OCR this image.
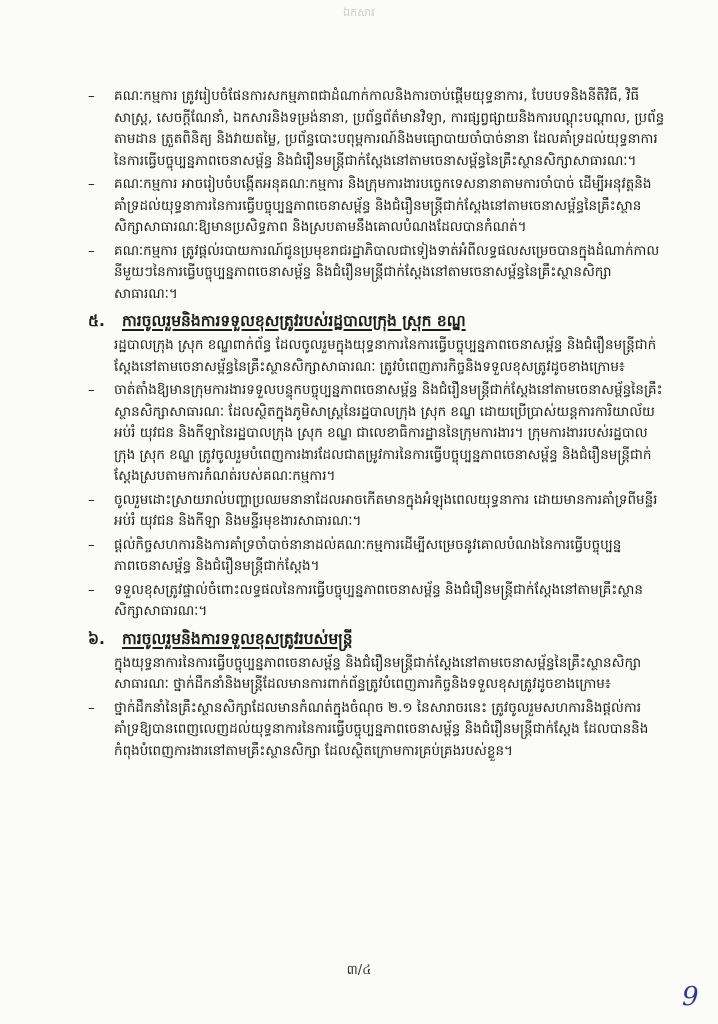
ឯកសារ
–	គណៈកម្មការ ត្រូវរៀបចំផែនការសកម្មភាពជាដំណាក់កាលនិងការចាប់ផ្តើមយុទ្ធនាការ, បែបបទនិងនីតិវិធី, វិធីសាស្ត្រ, សេចក្តីណែនាំ, ឯកសារនិងទម្រង់នានា, ប្រព័ន្ធព័ត៌មានវិទ្យា, ការផ្សព្វផ្សាយនិងការបណ្តុះបណ្តាល, ប្រព័ន្ធតាមដាន ត្រួតពិនិត្យ និងវាយតម្លៃ, ប្រព័ន្ធបោះបពុម្ពការណ៍និងមធ្យោបាយចាំបាច់នានា ដែលគាំទ្រដល់យុទ្ធនាការនៃការធ្វើបច្ចុប្បន្នភាពចេនាសម្ព័ន្ធ និងជំរឿនមន្ត្រីជាក់ស្តែងនៅតាមចេនាសម្ព័ន្ធនៃគ្រឹះស្ថានសិក្សាសាធារណៈ។
–	គណៈកម្មការ អាចរៀបចំបង្កើតអនុគណៈកម្មការ និងក្រុមការងារបច្ចេកទេសនានាតាមការចាំបាច់ ដើម្បីអនុវត្តនិងគាំទ្រដល់យុទ្ធនាការនៃការធ្វើបច្ចុប្បន្នភាពចេនាសម្ព័ន្ធ និងជំរឿនមន្ត្រីជាក់ស្តែងនៅតាមចេនាសម្ព័ន្ធនៃគ្រឹះស្ថានសិក្សាសាធារណៈឱ្យមានប្រសិទ្ធភាព និងស្របតាមនឹងគោលបំណងដែលបានកំណត់។
–	គណៈកម្មការ ត្រូវផ្តល់របាយការណ៍ជូនប្រមុខរាជរដ្ឋាភិបាលជាទៀងទាត់អំពីលទ្ធផលសម្រេចបានក្នុងដំណាក់កាលនីមួយៗនៃការធ្វើបច្ចុប្បន្នភាពចេនាសម្ព័ន្ធ និងជំរឿនមន្ត្រីជាក់ស្តែងនៅតាមចេនាសម្ព័ន្ធនៃគ្រឹះស្ថានសិក្សាសាធារណៈ។
៥.	ការចូលរួមនិងការទទួលខុសត្រូវរបស់រដ្ឋបាលក្រុង ស្រុក ខណ្ឌ
រដ្ឋបាលក្រុង ស្រុក ខណ្ឌពាក់ព័ន្ធ ដែលចូលរួមក្នុងយុទ្ធនាការនៃការធ្វើបច្ចុប្បន្នភាពចេនាសម្ព័ន្ធ និងជំរឿនមន្ត្រីជាក់ស្តែងនៅតាមចេនាសម្ព័ន្ធនៃគ្រឹះស្ថានសិក្សាសាធារណៈ ត្រូវបំពេញភារកិច្ចនិងទទួលខុសត្រូវដូចខាងក្រោម៖
–	ចាត់តាំងឱ្យមានក្រុមការងារទទួលបន្ទុកបច្ចុប្បន្នភាពចេនាសម្ព័ន្ធ និងជំរឿនមន្ត្រីជាក់ស្តែងនៅតាមចេនាសម្ព័ន្ធនៃគ្រឹះស្ថានសិក្សាសាធារណៈ ដែលស្ថិតក្នុងភូមិសាស្ត្រនៃរដ្ឋបាលក្រុង ស្រុក ខណ្ឌ ដោយប្រើប្រាស់យន្តការការិយាល័យអប់រំ យុវជន និងកីឡានៃរដ្ឋបាលក្រុង ស្រុក ខណ្ឌ ជាលេខាធិការដ្ឋាននៃក្រុមការងារ។ ក្រុមការងាររបស់រដ្ឋបាលក្រុង ស្រុក ខណ្ឌ ត្រូវចូលរួមបំពេញការងារដែលជាតម្រូវការនៃការធ្វើបច្ចុប្បន្នភាពចេនាសម្ព័ន្ធ និងជំរឿនមន្ត្រីជាក់ស្តែងស្របតាមការកំណត់របស់គណៈកម្មការ។
–	ចូលរួមដោះស្រាយរាល់បញ្ហាប្រឈមនានាដែលអាចកើតមានក្នុងអំឡុងពេលយុទ្ធនាការ ដោយមានការគាំទ្រពីមន្ទីរអប់រំ យុវជន និងកីឡា និងមន្ទីរមុខងារសាធារណៈ។
–	ផ្តល់កិច្ចសហការនិងការគាំទ្រចាំបាច់នានាដល់គណៈកម្មការដើម្បីសម្រេចនូវគោលបំណងនៃការធ្វើបច្ចុប្បន្នភាពចេនាសម្ព័ន្ធ និងជំរឿនមន្ត្រីជាក់ស្តែង។
–	ទទួលខុសត្រូវផ្ទាល់ចំពោះលទ្ធផលនៃការធ្វើបច្ចុប្បន្នភាពចេនាសម្ព័ន្ធ និងជំរឿនមន្ត្រីជាក់ស្តែងនៅតាមគ្រឹះស្ថានសិក្សាសាធារណៈ។
៦.	ការចូលរួមនិងការទទួលខុសត្រូវរបស់មន្ត្រី
ក្នុងយុទ្ធនាការនៃការធ្វើបច្ចុប្បន្នភាពចេនាសម្ព័ន្ធ និងជំរឿនមន្ត្រីជាក់ស្តែងនៅតាមចេនាសម្ព័ន្ធនៃគ្រឹះស្ថានសិក្សាសាធារណៈ ថ្នាក់ដឹកនាំនិងមន្ត្រីដែលមានការពាក់ព័ន្ធត្រូវបំពេញភារកិច្ចនិងទទួលខុសត្រូវដូចខាងក្រោម៖
–	ថ្នាក់ដឹកនាំនៃគ្រឹះស្ថានសិក្សាដែលមានកំណត់ក្នុងចំណុច ២.១ នៃសារាចរនេះ ត្រូវចូលរួមសហការនិងផ្តល់ការគាំទ្រឱ្យបានពេញលេញដល់យុទ្ធនាការនៃការធ្វើបច្ចុប្បន្នភាពចេនាសម្ព័ន្ធ និងជំរឿនមន្ត្រីជាក់ស្តែង ដែលបាននិងកំពុងបំពេញការងារនៅតាមគ្រឹះស្ថានសិក្សា ដែលស្ថិតក្រោមការគ្រប់គ្រងរបស់ខ្លួន។
៣/៤
9
